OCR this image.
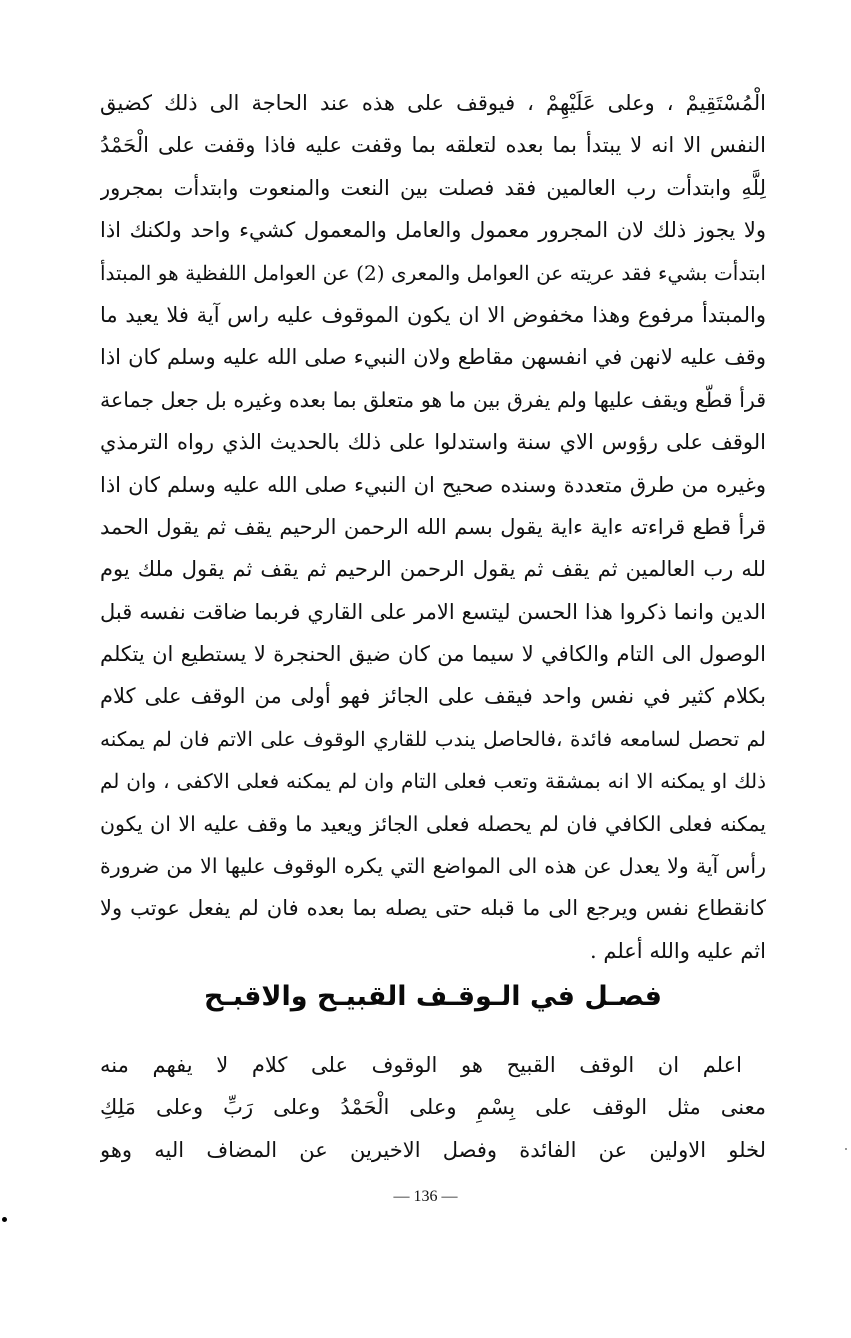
الْمُسْتَقِيمْ ، وعلى عَلَيْهِمْ ، فيوقف على هذه عند الحاجة الى ذلك كضيق
النفس الا انه لا يبتدأ بما بعده لتعلقه بما وقفت عليه فاذا وقفت على الْحَمْدُ
لِلَّهِ وابتدأت رب العالمين فقد فصلت بين النعت والمنعوت وابتدأت بمجرور
ولا يجوز ذلك لان المجرور معمول والعامل والمعمول كشيء واحد ولكنك اذا
ابتدأت بشيء فقد عريته عن العوامل والمعرى (2) عن العوامل اللفظية هو المبتدأ
والمبتدأ مرفوع وهذا مخفوض الا ان يكون الموقوف عليه راس آية فلا يعيد ما
وقف عليه لانهن في انفسهن مقاطع ولان النبيء صلى الله عليه وسلم كان اذا
قرأ قطّع ويقف عليها ولم يفرق بين ما هو متعلق بما بعده وغيره بل جعل جماعة
الوقف على رؤوس الاي سنة واستدلوا على ذلك بالحديث الذي رواه الترمذي
وغيره من طرق متعددة وسنده صحيح ان النبيء صلى الله عليه وسلم كان اذا
قرأ قطع قراءته ءاية ءاية يقول بسم الله الرحمن الرحيم يقف ثم يقول الحمد
لله رب العالمين ثم يقف ثم يقول الرحمن الرحيم ثم يقف ثم يقول ملك يوم
الدين وانما ذكروا هذا الحسن ليتسع الامر على القاري فربما ضاقت نفسه قبل
الوصول الى التام والكافي لا سيما من كان ضيق الحنجرة لا يستطيع ان يتكلم
بكلام كثير في نفس واحد فيقف على الجائز فهو أولى من الوقف على كلام
لم تحصل لسامعه فائدة ،فالحاصل يندب للقاري الوقوف على الاتم فان لم يمكنه
ذلك او يمكنه الا انه بمشقة وتعب فعلى التام وان لم يمكنه فعلى الاكفى ، وان لم
يمكنه فعلى الكافي فان لم يحصله فعلى الجائز ويعيد ما وقف عليه الا ان يكون
رأس آية ولا يعدل عن هذه الى المواضع التي يكره الوقوف عليها الا من ضرورة
كانقطاع نفس ويرجع الى ما قبله حتى يصله بما بعده فان لم يفعل عوتب ولا
اثم عليه والله أعلم .
فصـل في الـوقـف القبيـح والاقبـح
اعلم ان الوقف القبيح هو الوقوف على كلام لا يفهم منه
معنى مثل الوقف على بِسْمِ وعلى الْحَمْدُ وعلى رَبِّ وعلى مَلِكِ
لخلو الاولين عن الفائدة وفصل الاخيرين عن المضاف اليه وهو
— 136 —
